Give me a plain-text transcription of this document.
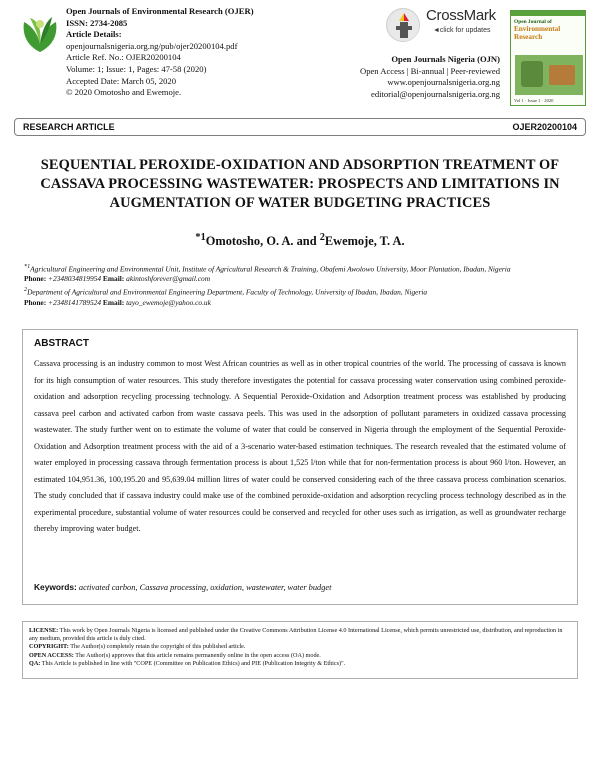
Open Journals of Environmental Research (OJER)
ISSN: 2734-2085
Article Details:
openjournalsnigeria.org.ng/pub/ojer20200104.pdf
Article Ref. No.: OJER20200104
Volume: 1; Issue: 1, Pages: 47-58 (2020)
Accepted Date: March 05, 2020
© 2020 Omotosho and Ewemoje.
CrossMark
◄click for updates
Open Journals Nigeria (OJN)
Open Access | Bi-annual | Peer-reviewed
www.openjournalsnigeria.org.ng
editorial@openjournalsnigeria.org.ng
Open Journal of
Environmental
Research
Vol 1 · Issue 1 · 2020
RESEARCH ARTICLE	OJER20200104
SEQUENTIAL PEROXIDE-OXIDATION AND ADSORPTION TREATMENT OF CASSAVA PROCESSING WASTEWATER: PROSPECTS AND LIMITATIONS IN AUGMENTATION OF WATER BUDGETING PRACTICES
$^{*1}$Omotosho, O. A. and $^2$Ewemoje, T. A.

$^{*1}$Agricultural Engineering and Environmental Unit, Institute of Agricultural Research & Training, Obafemi Awolowo University, Moor Plantation, Ibadan, Nigeria
Phone: +2348034819954 Email: akintoshforever@gmail.com

$^2$Department of Agricultural and Environmental Engineering Department, Faculty of Technology, University of Ibadan, Ibadan, Nigeria
Phone: +2348141789524 Email: tayo_ewemoje@yahoo.co.uk

ABSTRACT
Cassava processing is an industry common to most West African countries as well as in other tropical countries of the world. The processing of cassava is known for its high consumption of water resources. This study therefore investigates the potential for cassava processing water conservation using combined peroxide-oxidation and adsorption recycling processing technology. A Sequential Peroxide-Oxidation and Adsorption treatment process was established by producing cassava peel carbon and activated carbon from waste cassava peels. This was used in the adsorption of pollutant parameters in oxidized cassava processing wastewater. The study further went on to estimate the volume of water that could be conserved in Nigeria through the employment of the Sequential Peroxide-Oxidation and Adsorption treatment process with the aid of a 3-scenario water-based estimation techniques. The research revealed that the estimated volume of water employed in processing cassava through fermentation process is about 1,525 l/ton while that for non-fermentation process is about 960 l/ton. However, an estimated 104,951.36, 100,195.20 and 95,639.04 million litres of water could be conserved considering each of the three cassava process combination scenarios. The study concluded that if cassava industry could make use of the combined peroxide-oxidation and adsorption recycling process technology described as in the experimental procedure, substantial volume of water resources could be conserved and recycled for other uses such as irrigation, as well as groundwater recharge thereby improving water budget.
Keywords: activated carbon, Cassava processing, oxidation, wastewater, water budget
LICENSE: This work by Open Journals Nigeria is licensed and published under the Creative Commons Attribution License 4.0 International License, which permits unrestricted use, distribution, and reproduction in any medium, provided this article is duly cited.
COPYRIGHT: The Author(s) completely retain the copyright of this published article.
OPEN ACCESS: The Author(s) approves that this article remains permanently online in the open access (OA) mode.
QA: This Article is published in line with "COPE (Committee on Publication Ethics) and PIE (Publication Integrity & Ethics)".
